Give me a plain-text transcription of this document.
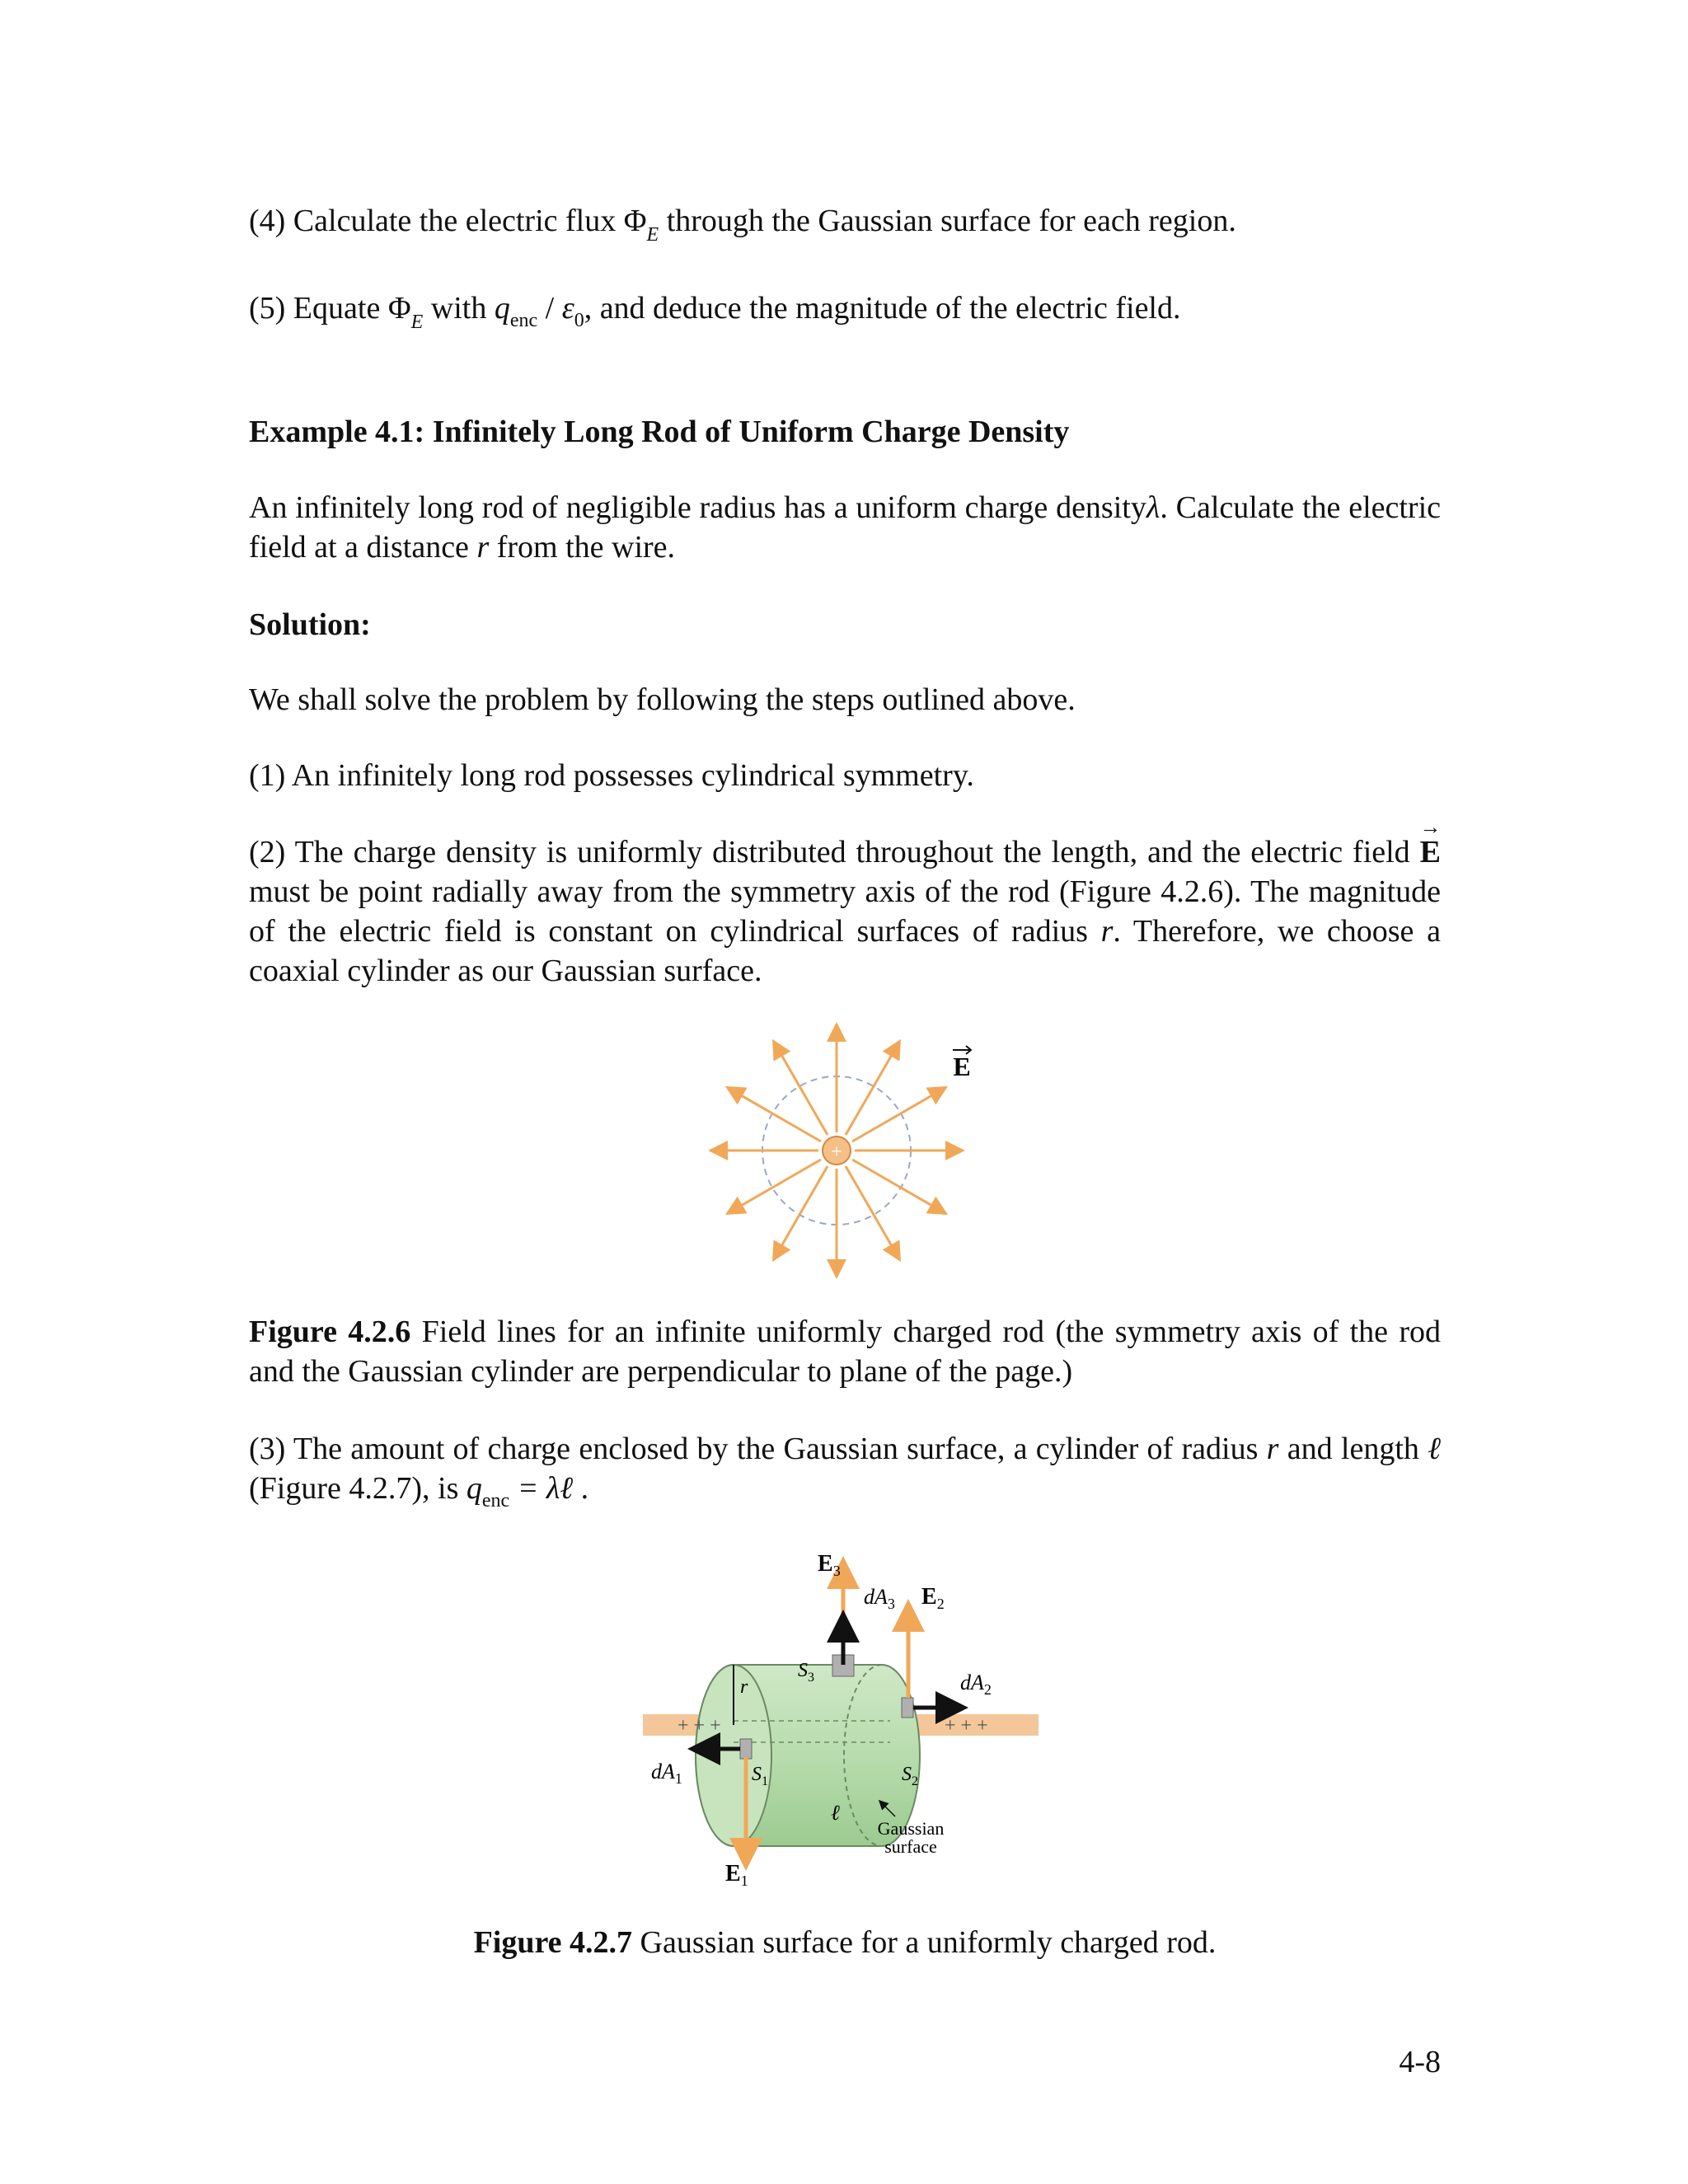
(4) Calculate the electric flux $\Phi_E$ through the Gaussian surface for each region.
(5) Equate $\Phi_E$ with $q_{enc} / \varepsilon_0$, and deduce the magnitude of the electric field.
Example 4.1: Infinitely Long Rod of Uniform Charge Density
An infinitely long rod of negligible radius has a uniform charge densityλ. Calculate the electric field at a distance r from the wire.
Solution:
We shall solve the problem by following the steps outlined above.
(1) An infinitely long rod possesses cylindrical symmetry.
(2) The charge density is uniformly distributed throughout the length, and the electric field → E must be point radially away from the symmetry axis of the rod (Figure 4.2.6). The magnitude of the electric field is constant on cylindrical surfaces of radius r. Therefore, we choose a coaxial cylinder as our Gaussian surface.
+
E
Figure 4.2.6 Field lines for an infinite uniformly charged rod (the symmetry axis of the rod and the Gaussian cylinder are perpendicular to plane of the page.)
(3) The amount of charge enclosed by the Gaussian surface, a cylinder of radius r and length ℓ (Figure 4.2.7), is $q_{enc}$ = λℓ .
+ + +	+ + +
$E_3$
$dA_3$ $E_2$
$S_3$	$dA_2$
r
$dA_1$	$S_1$	$S_2$
ℓ
Gaussian
surface
$E_1$
Figure 4.2.7 Gaussian surface for a uniformly charged rod.
4-8
